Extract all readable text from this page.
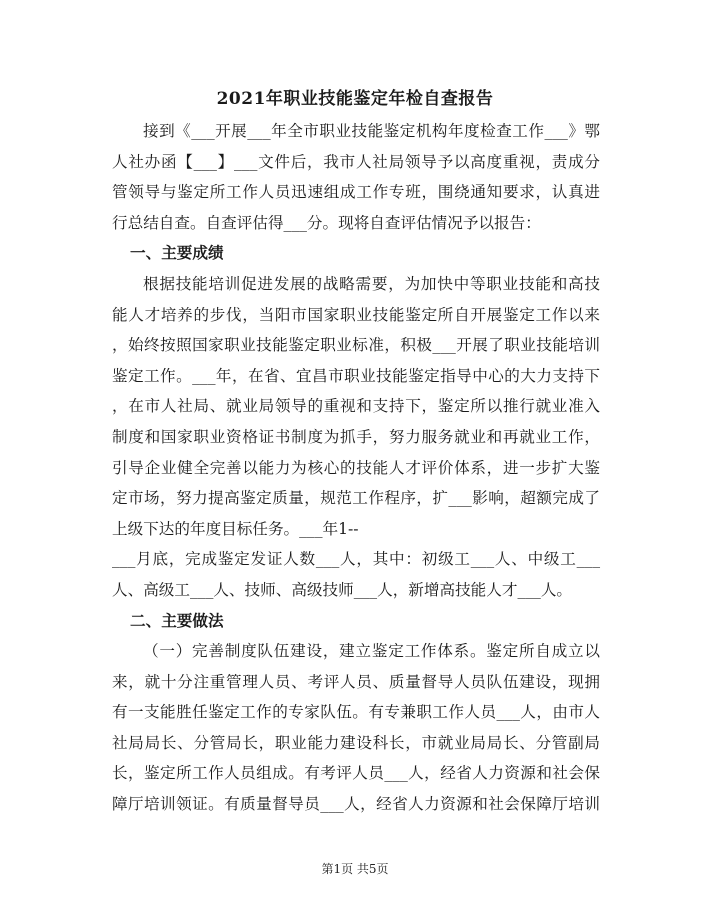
2021年职业技能鉴定年检自查报告
接到《___开展___年全市职业技能鉴定机构年度检查工作___》鄂
人社办函【___】___文件后，我市人社局领导予以高度重视，责成分
管领导与鉴定所工作人员迅速组成工作专班，围绕通知要求，认真进
行总结自查。自查评估得___分。现将自查评估情况予以报告：
一、主要成绩
根据技能培训促进发展的战略需要，为加快中等职业技能和高技
能人才培养的步伐，当阳市国家职业技能鉴定所自开展鉴定工作以来
，始终按照国家职业技能鉴定职业标准，积极___开展了职业技能培训
鉴定工作。___年，在省、宜昌市职业技能鉴定指导中心的大力支持下
，在市人社局、就业局领导的重视和支持下，鉴定所以推行就业准入
制度和国家职业资格证书制度为抓手，努力服务就业和再就业工作，
引导企业健全完善以能力为核心的技能人才评价体系，进一步扩大鉴
定市场，努力提高鉴定质量，规范工作程序，扩___影响，超额完成了
上级下达的年度目标任务。___年1--
___月底，完成鉴定发证人数___人，其中：初级工___人、中级工___
人、高级工___人、技师、高级技师___人，新增高技能人才___人。
二、主要做法
（一）完善制度队伍建设，建立鉴定工作体系。鉴定所自成立以
来，就十分注重管理人员、考评人员、质量督导人员队伍建设，现拥
有一支能胜任鉴定工作的专家队伍。有专兼职工作人员___人，由市人
社局局长、分管局长，职业能力建设科长，市就业局局长、分管副局
长，鉴定所工作人员组成。有考评人员___人，经省人力资源和社会保
障厅培训领证。有质量督导员___人，经省人力资源和社会保障厅培训
第1页 共5页
